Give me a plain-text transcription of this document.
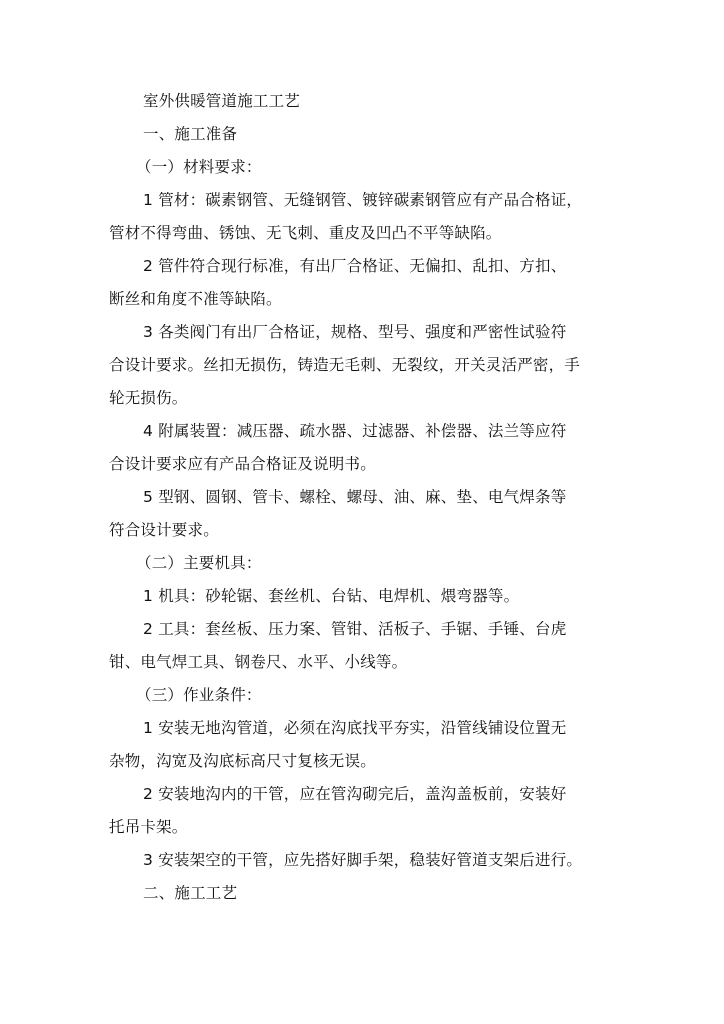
室外供暖管道施工工艺
一、施工准备
（一）材料要求：
1 管材：碳素钢管、无缝钢管、镀锌碳素钢管应有产品合格证，
管材不得弯曲、锈蚀、无飞刺、重皮及凹凸不平等缺陷。
2 管件符合现行标准，有出厂合格证、无偏扣、乱扣、方扣、
断丝和角度不准等缺陷。
3 各类阀门有出厂合格证，规格、型号、强度和严密性试验符
合设计要求。丝扣无损伤，铸造无毛刺、无裂纹，开关灵活严密，手
轮无损伤。
4 附属装置：减压器、疏水器、过滤器、补偿器、法兰等应符
合设计要求应有产品合格证及说明书。
5 型钢、圆钢、管卡、螺栓、螺母、油、麻、垫、电气焊条等
符合设计要求。
（二）主要机具：
1 机具：砂轮锯、套丝机、台钻、电焊机、煨弯器等。
2 工具：套丝板、压力案、管钳、活板子、手锯、手锤、台虎
钳、电气焊工具、钢卷尺、水平、小线等。
（三）作业条件：
1 安装无地沟管道，必须在沟底找平夯实，沿管线铺设位置无
杂物，沟宽及沟底标高尺寸复核无误。
2 安装地沟内的干管，应在管沟砌完后，盖沟盖板前，安装好
托吊卡架。
3 安装架空的干管，应先搭好脚手架，稳装好管道支架后进行。
二、施工工艺
